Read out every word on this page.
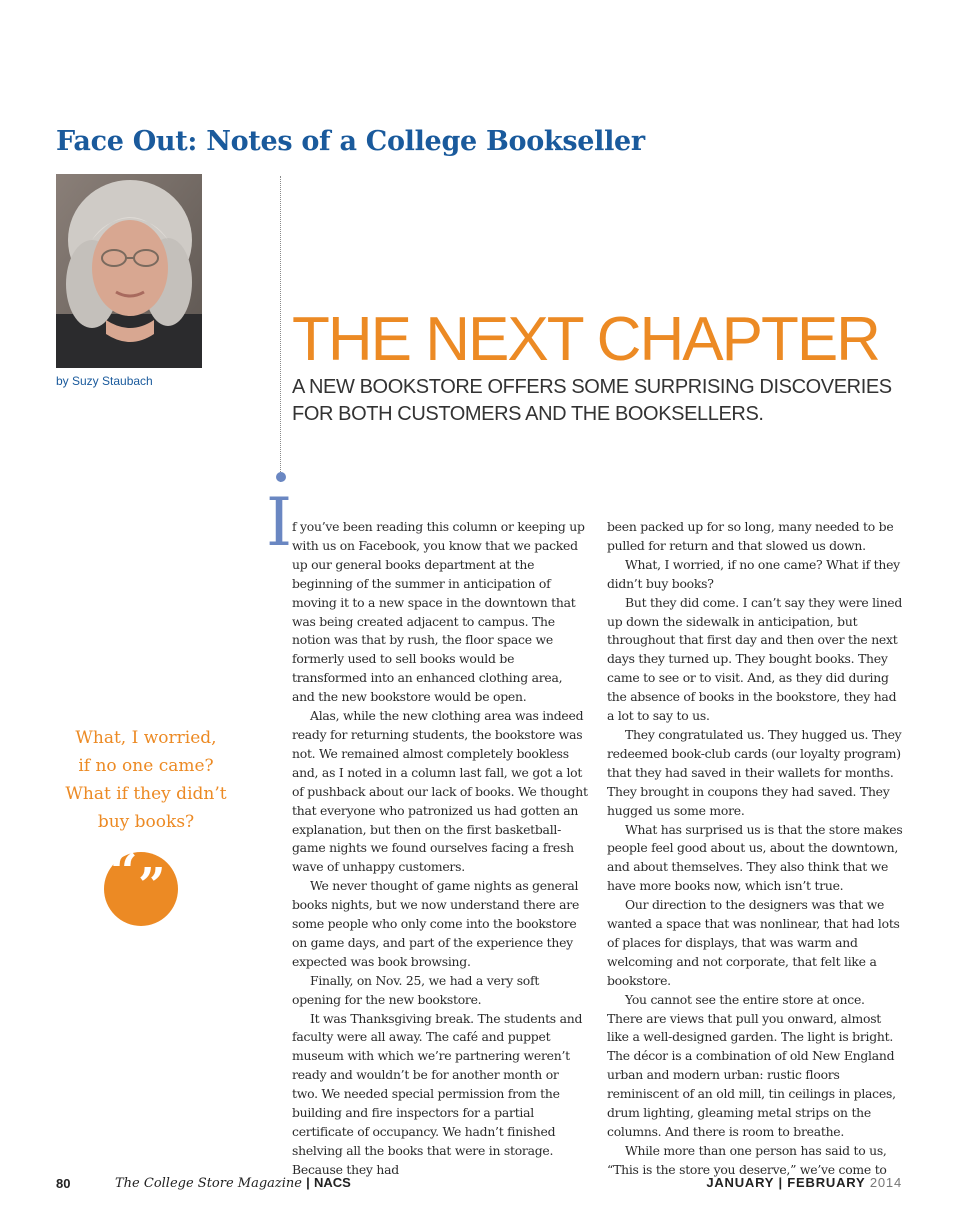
Face Out: Notes of a College Bookseller
by Suzy Staubach
THE NEXT CHAPTER
A NEW BOOKSTORE OFFERS SOME SURPRISING DISCOVERIES FOR BOTH CUSTOMERS AND THE BOOKSELLERS.
What, I worried,
if no one came?
What if they didn’t
buy books?
“ ”
I f you’ve been reading this column or keeping up with us on Facebook, you know that we packed up our general books department at the beginning of the summer in anticipation of moving it to a new space in the downtown that was being created adjacent to campus. The notion was that by rush, the floor space we formerly used to sell books would be transformed into an enhanced clothing area, and the new bookstore would be open.

Alas, while the new clothing area was indeed ready for returning students, the bookstore was not. We remained almost completely bookless and, as I noted in a column last fall, we got a lot of pushback about our lack of books. We thought that everyone who patronized us had gotten an explanation, but then on the first basketball-game nights we found ourselves facing a fresh wave of unhappy customers.

We never thought of game nights as general books nights, but we now understand there are some people who only come into the bookstore on game days, and part of the experience they expected was book browsing.

Finally, on Nov. 25, we had a very soft opening for the new bookstore.

It was Thanksgiving break. The students and faculty were all away. The café and puppet museum with which we’re partnering weren’t ready and wouldn’t be for another month or two. We needed special permission from the building and fire inspectors for a partial certificate of occupancy. We hadn’t finished shelving all the books that were in storage. Because they had

been packed up for so long, many needed to be pulled for return and that slowed us down.

What, I worried, if no one came? What if they didn’t buy books?

But they did come. I can’t say they were lined up down the sidewalk in anticipation, but throughout that first day and then over the next days they turned up. They bought books. They came to see or to visit. And, as they did during the absence of books in the bookstore, they had a lot to say to us.

They congratulated us. They hugged us. They redeemed book-club cards (our loyalty program) that they had saved in their wallets for months. They brought in coupons they had saved. They hugged us some more.

What has surprised us is that the store makes people feel good about us, about the downtown, and about themselves. They also think that we have more books now, which isn’t true.

Our direction to the designers was that we wanted a space that was nonlinear, that had lots of places for displays, that was warm and welcoming and not corporate, that felt like a bookstore.

You cannot see the entire store at once. There are views that pull you onward, almost like a well-designed garden. The light is bright. The décor is a combination of old New England urban and modern urban: rustic floors reminiscent of an old mill, tin ceilings in places, drum lighting, gleaming metal strips on the columns. And there is room to breathe.

While more than one person has said to us, “This is the store you deserve,” we’ve come to

80	The College Store Magazine | NACS	JANUARY | FEBRUARY 2014
